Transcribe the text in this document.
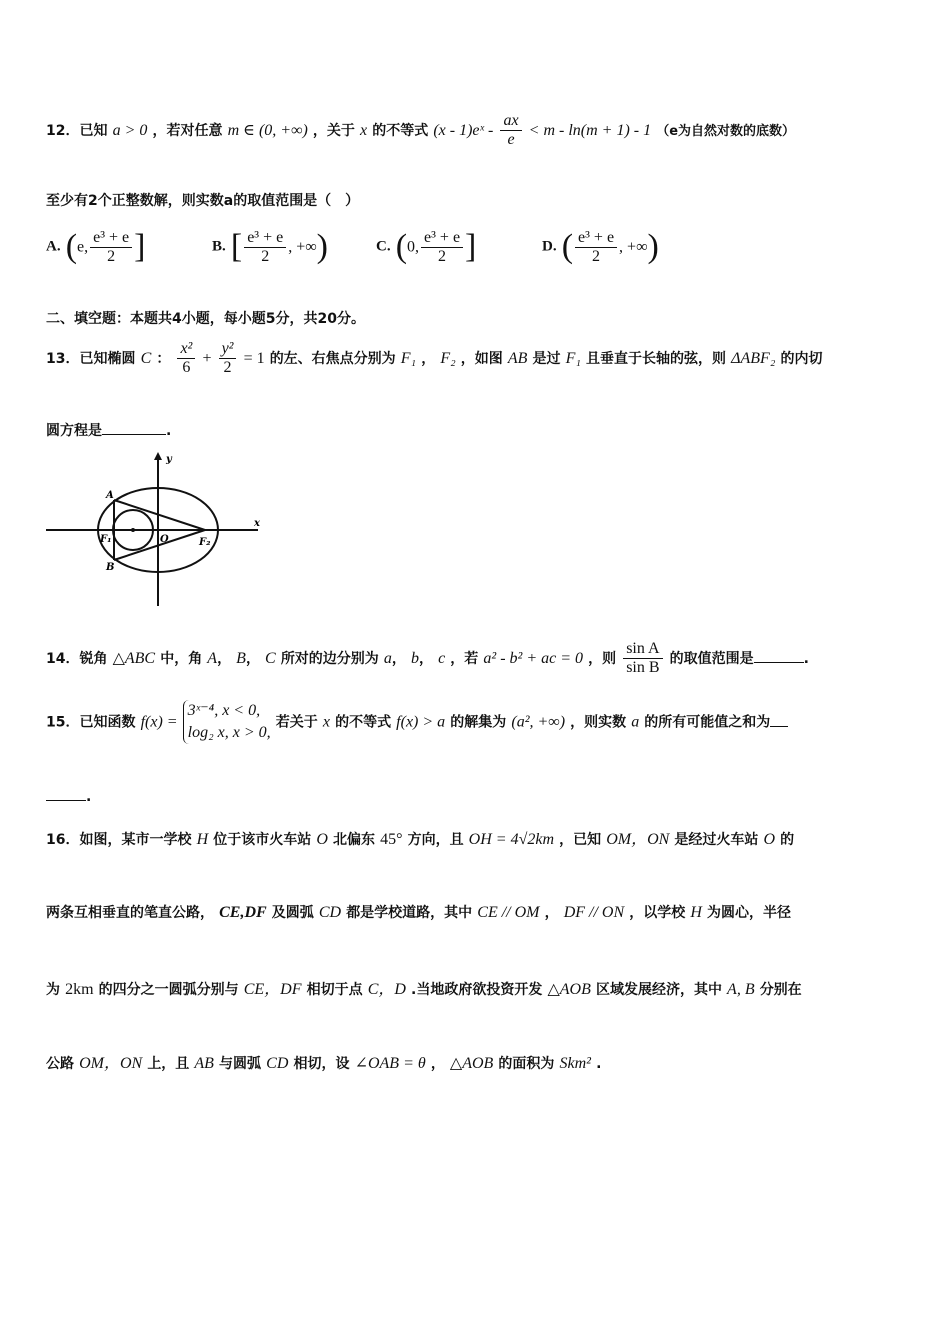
12．已知 a > 0 ，若对任意 m ∈ (0, +∞) ，关于 x 的不等式 (x - 1)eˣ - $\frac{ax}{e} < m - \ln(m + 1) - 1$ （e为自然对数的底数）
至少有2个正整数解，则实数a的取值范围是（　）
A. (e, $\frac{\text{e³ + e}}{2}$ ]	B. [ $\frac{\text{e³ + e}}{2}$ , +∞)	C. (0, $\frac{\text{e³ + e}}{2}$ ]	D. ( $\frac{\text{e³ + e}}{2}$ , +∞)
二、填空题：本题共4小题，每小题5分，共20分。
13．已知椭圆 C ： $\frac{\text{x²}}{6} + \frac{\text{y²}}{2} = 1$ 的左、右焦点分别为 F₁ ， F₂ ，如图 AB 是过 F₁ 且垂直于长轴的弦，则 ΔABF₂ 的内切
圆方程是	.
y
x
A
B
F₁	O	F₂
14．锐角 △ABC 中，角 A， B， C 所对的边分别为 a， b， c ，若 a² - b² + ac = 0 ，则 $\frac{\text{sin A}}{\text{sin B}}$ 的取值范围是	.
15．已知函数 f(x) =
3ˣ⁻⁴, x < 0,
log₂ x, x > 0,
若关于 x 的不等式 f(x) > a 的解集为 (a², +∞) ，则实数 a 的所有可能值之和为
.
16．如图，某市一学校 H 位于该市火车站 O 北偏东 45° 方向，且 OH = 4√2km ，已知 OM，ON 是经过火车站 O 的
两条互相垂直的笔直公路， CE,DF 及圆弧 CD 都是学校道路，其中 CE // OM ， DF // ON ，以学校 H 为圆心，半径
为 2km 的四分之一圆弧分别与 CE，DF 相切于点 C，D .当地政府欲投资开发 △AOB 区域发展经济，其中 A, B 分别在
公路 OM，ON 上，且 AB 与圆弧 CD 相切，设 ∠OAB = θ ， △AOB 的面积为 Skm² .
